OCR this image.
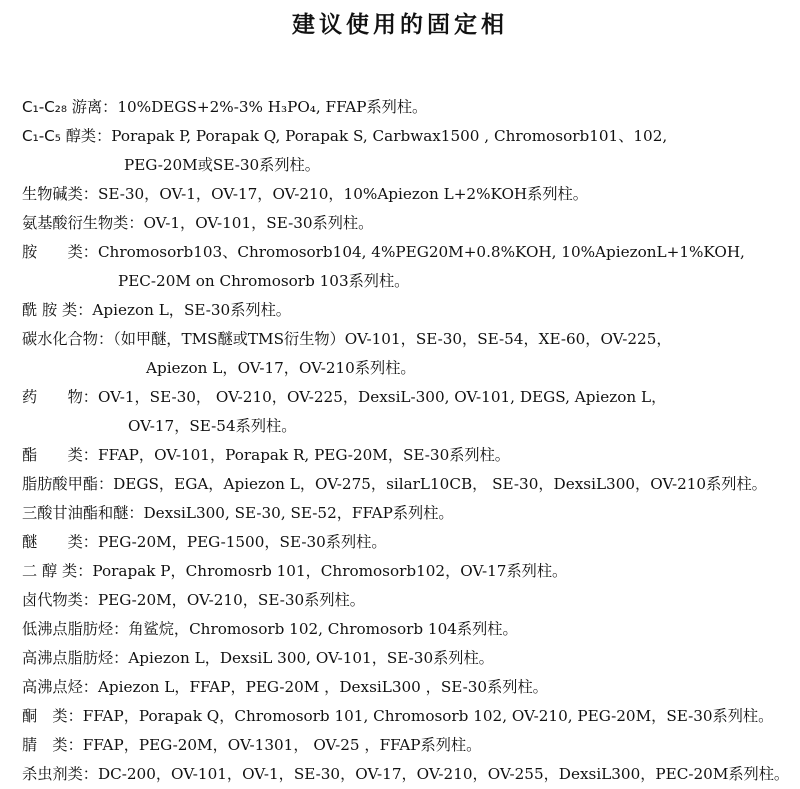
建议使用的固定相
C₁-C₂₈ 游离：10%DEGS+2%-3% H₃PO₄, FFAP系列柱。
C₁-C₅ 醇类：Porapak P, Porapak Q, Porapak S, Carbwax1500 , Chromosorb101、102,
PEG-20M或SE-30系列柱。
生物碱类：SE-30，OV-1，OV-17，OV-210，10%Apiezon L+2%KOH系列柱。
氨基酸衍生物类：OV-1，OV-101，SE-30系列柱。
胺　　类：Chromosorb103、Chromosorb104, 4%PEG20M+0.8%KOH, 10%ApiezonL+1%KOH,
PEC-20M on Chromosorb 103系列柱。
酰 胺 类：Apiezon L，SE-30系列柱。
碳水化合物：（如甲醚，TMS醚或TMS衍生物）OV-101，SE-30，SE-54，XE-60，OV-225，
Apiezon L，OV-17，OV-210系列柱。
药　　物：OV-1，SE-30， OV-210，OV-225，DexsiL-300, OV-101, DEGS, Apiezon L，
OV-17，SE-54系列柱。
酯　　类：FFAP，OV-101，Porapak R, PEG-20M，SE-30系列柱。
脂肪酸甲酯：DEGS，EGA，Apiezon L，OV-275，silarL10CB， SE-30，DexsiL300，OV-210系列柱。
三酸甘油酯和醚：DexsiL300, SE-30, SE-52，FFAP系列柱。
醚　　类：PEG-20M，PEG-1500，SE-30系列柱。
二 醇 类：Porapak P，Chromosrb 101，Chromosorb102，OV-17系列柱。
卤代物类：PEG-20M，OV-210，SE-30系列柱。
低沸点脂肪烃：角鲨烷，Chromosorb 102, Chromosorb 104系列柱。
高沸点脂肪烃：Apiezon L，DexsiL 300, OV-101，SE-30系列柱。
高沸点烃：Apiezon L，FFAP，PEG-20M ，DexsiL300 ，SE-30系列柱。
酮　类：FFAP，Porapak Q，Chromosorb 101, Chromosorb 102, OV-210, PEG-20M，SE-30系列柱。
腈　类：FFAP，PEG-20M，OV-1301， OV-25 ，FFAP系列柱。
杀虫剂类：DC-200，OV-101，OV-1，SE-30，OV-17，OV-210，OV-255，DexsiL300，PEC-20M系列柱。
